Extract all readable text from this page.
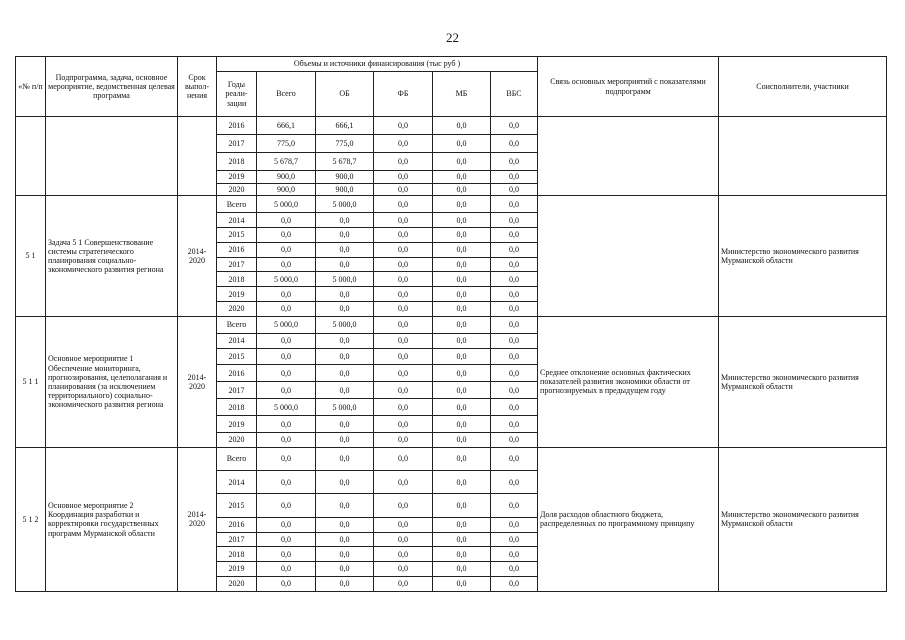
22
«№ п/п	Подпрограмма, задача, основное мероприятие, ведомственная целевая программа	Срок выпол-нения	Объемы и источники финансирования (тыс руб )						Связь основных мероприятий с показателями подпрограмм	Соисполнители, участники
			Годы реали-зации	Всего	ОБ	ФБ	МБ	ВБС		
			2016	666,1	666,1	0,0	0,0	0,0		
			2017	775,0	775,0	0,0	0,0	0,0		
			2018	5 678,7	5 678,7	0,0	0,0	0,0		
			2019	900,0	900,0	0,0	0,0	0,0		
			2020	900,0	900,0	0,0	0,0	0,0		
5 1	Задача 5 1 Совершенствование системы стратегического планирования социально-экономического развития региона	2014-2020	Всего	5 000,0	5 000,0	0,0	0,0	0,0		Министерство экономического развития Мурманской области
			2014	0,0	0,0	0,0	0,0	0,0		
			2015	0,0	0,0	0,0	0,0	0,0		
			2016	0,0	0,0	0,0	0,0	0,0		
			2017	0,0	0,0	0,0	0,0	0,0		
			2018	5 000,0	5 000,0	0,0	0,0	0,0		
			2019	0,0	0,0	0,0	0,0	0,0		
			2020	0,0	0,0	0,0	0,0	0,0		
5 1 1	Основное мероприятие 1 Обеспечение мониторинга, прогнозирования, целеполагания и планирования (за исключением территориального) социально-экономического развития региона	2014-2020	Всего	5 000,0	5 000,0	0,0	0,0	0,0	Среднее отклонение основных фактических показателей развития экономики области от прогнозируемых в предыдущем году	Министерство экономического развития Мурманской области
			2014	0,0	0,0	0,0	0,0	0,0		
			2015	0,0	0,0	0,0	0,0	0,0		
			2016	0,0	0,0	0,0	0,0	0,0		
			2017	0,0	0,0	0,0	0,0	0,0		
			2018	5 000,0	5 000,0	0,0	0,0	0,0		
			2019	0,0	0,0	0,0	0,0	0,0		
			2020	0,0	0,0	0,0	0,0	0,0		
5 1 2	Основное мероприятие 2 Координация разработки и корректировки государственных программ Мурманской области	2014-2020	Всего	0,0	0,0	0,0	0,0	0,0	Доля расходов областного бюджета, распределенных по программному принципу	Министерство экономического развития Мурманской области
			2014	0,0	0,0	0,0	0,0	0,0		
			2015	0,0	0,0	0,0	0,0	0,0		
			2016	0,0	0,0	0,0	0,0	0,0		
			2017	0,0	0,0	0,0	0,0	0,0		
			2018	0,0	0,0	0,0	0,0	0,0		
			2019	0,0	0,0	0,0	0,0	0,0		
			2020	0,0	0,0	0,0	0,0	0,0		
